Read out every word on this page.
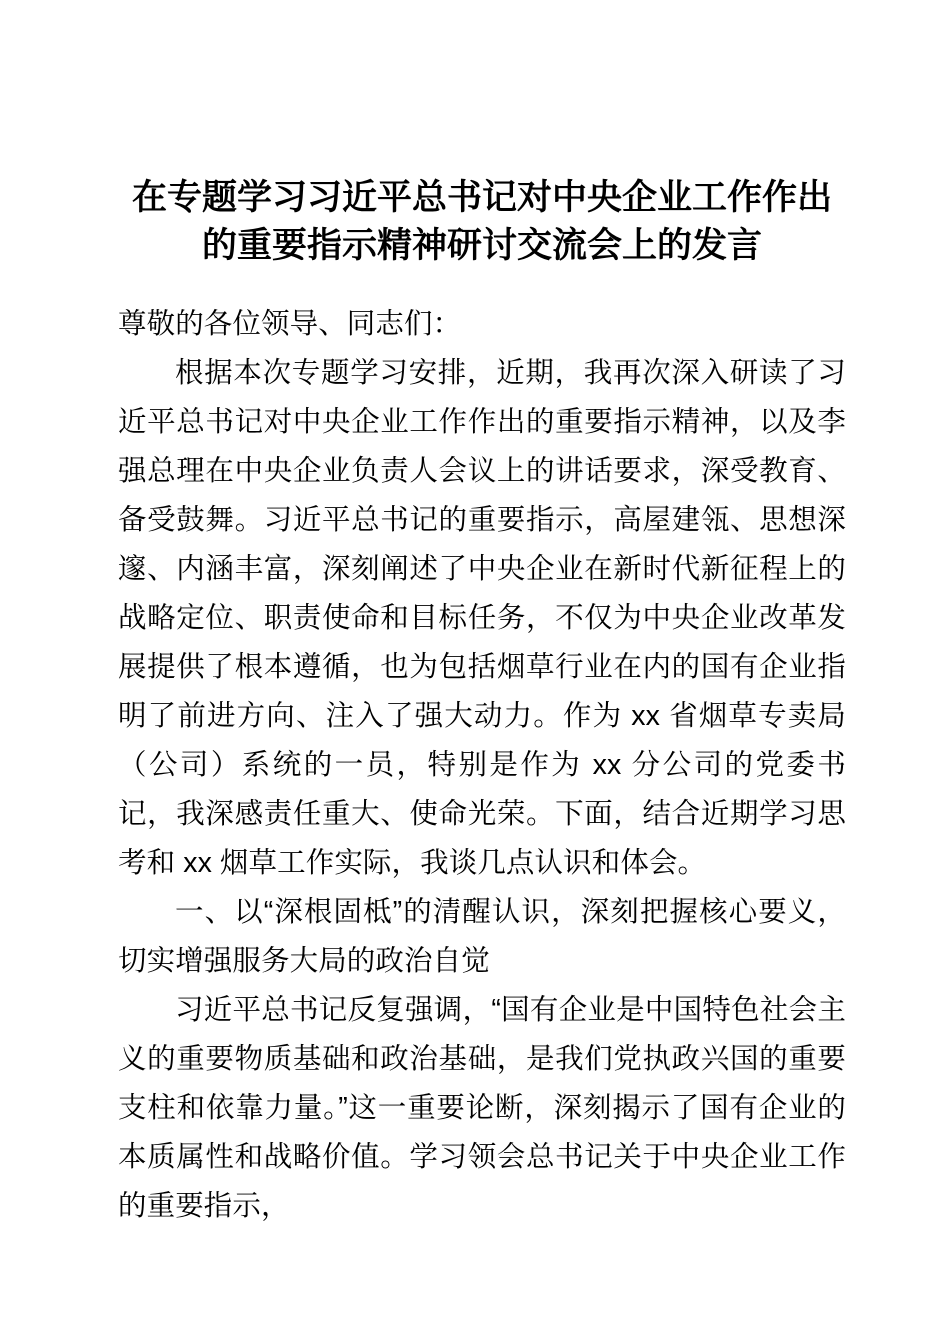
在专题学习习近平总书记对中央企业工作作出的重要指示精神研讨交流会上的发言

尊敬的各位领导、同志们：

根据本次专题学习安排，近期，我再次深入研读了习近平总书记对中央企业工作作出的重要指示精神，以及李强总理在中央企业负责人会议上的讲话要求，深受教育、备受鼓舞。习近平总书记的重要指示，高屋建瓴、思想深邃、内涵丰富，深刻阐述了中央企业在新时代新征程上的战略定位、职责使命和目标任务，不仅为中央企业改革发展提供了根本遵循，也为包括烟草行业在内的国有企业指明了前进方向、注入了强大动力。作为 xx 省烟草专卖局（公司）系统的一员，特别是作为 xx 分公司的党委书记，我深感责任重大、使命光荣。下面，结合近期学习思考和 xx 烟草工作实际，我谈几点认识和体会。

一、以“深根固柢”的清醒认识，深刻把握核心要义，切实增强服务大局的政治自觉

习近平总书记反复强调，“国有企业是中国特色社会主义的重要物质基础和政治基础，是我们党执政兴国的重要支柱和依靠力量。”这一重要论断，深刻揭示了国有企业的本质属性和战略价值。学习领会总书记关于中央企业工作的重要指示，
